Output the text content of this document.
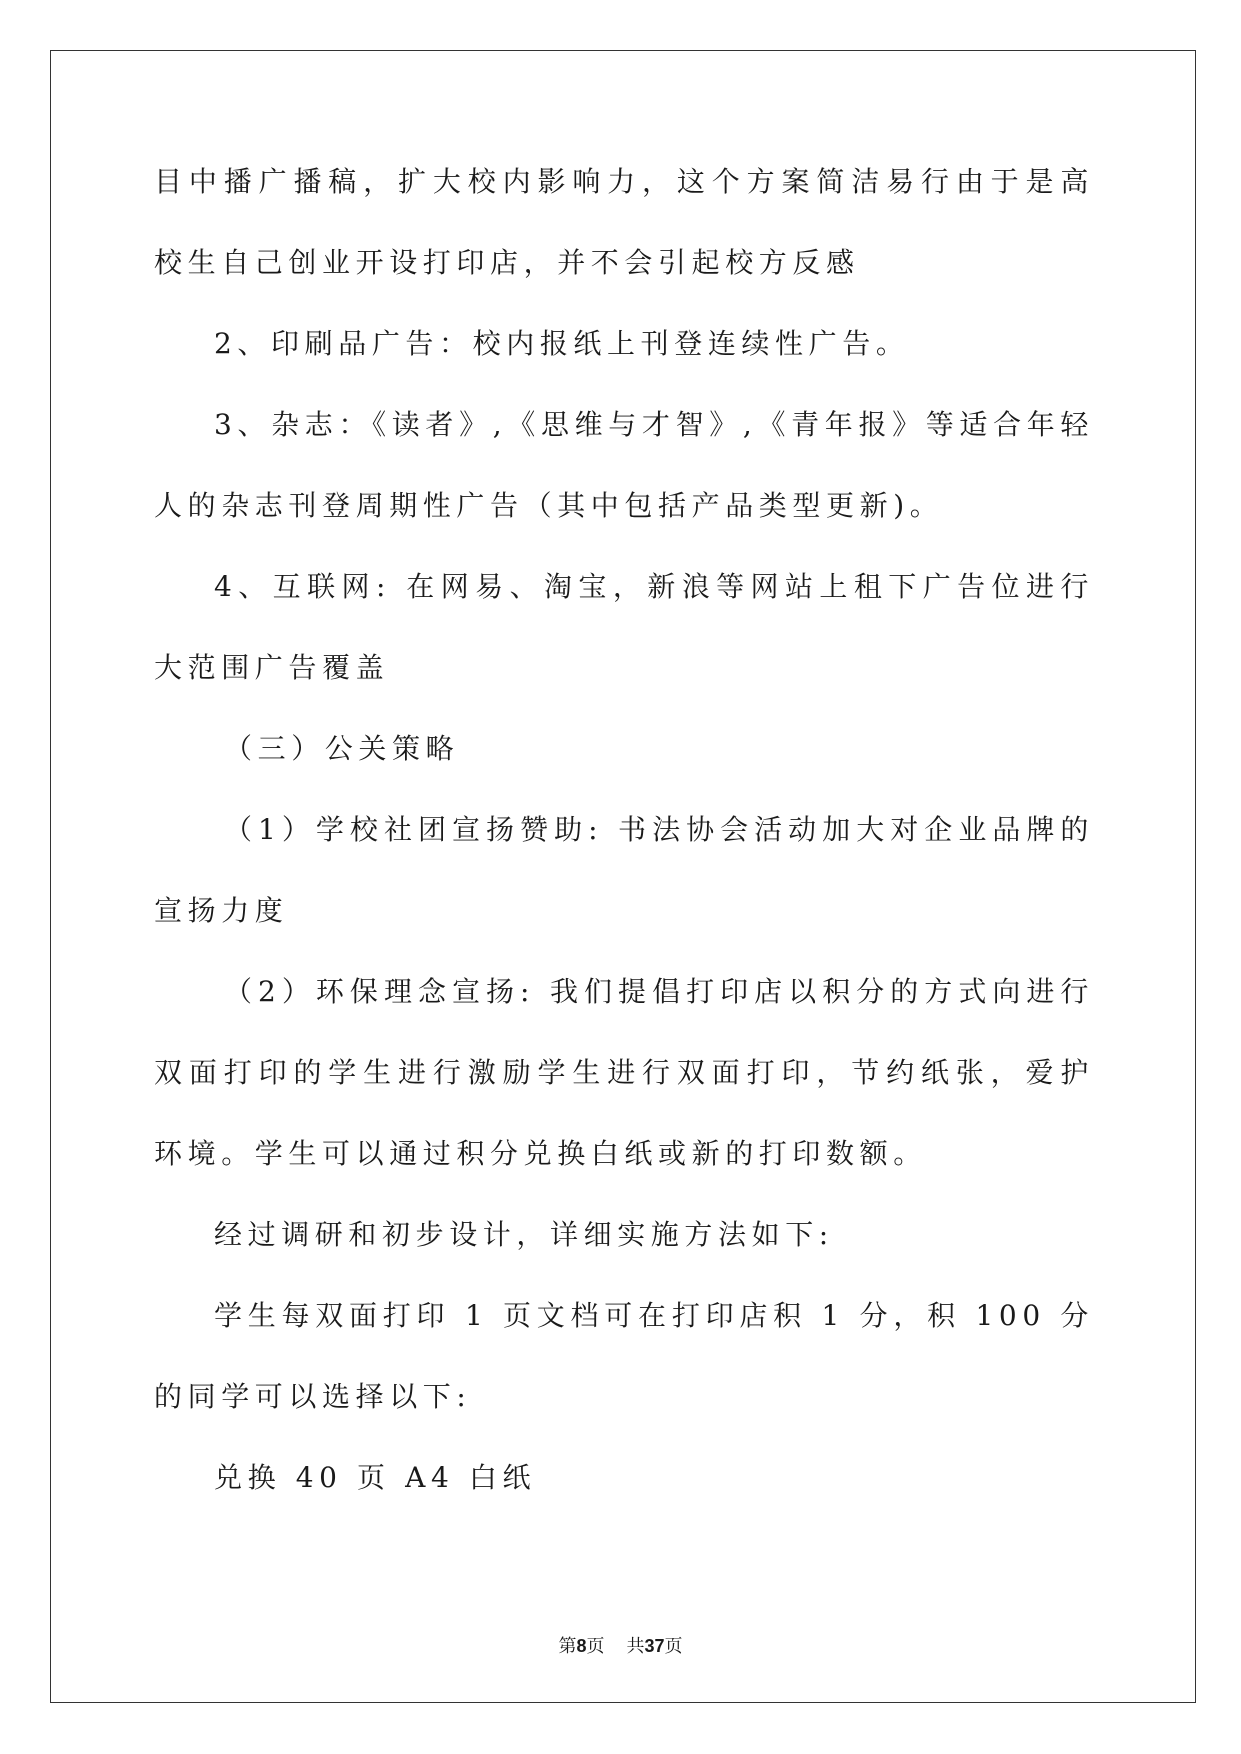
目中播广播稿，扩大校内影响力，这个方案简洁易行由于是高校生自己创业开设打印店，并不会引起校方反感

2、印刷品广告：校内报纸上刊登连续性广告。

3、杂志：《读者》,《思维与才智》,《青年报》等适合年轻人的杂志刊登周期性广告（其中包括产品类型更新)。

4、互联网: 在网易、淘宝，新浪等网站上租下广告位进行大范围广告覆盖

（三）公关策略

（1）学校社团宣扬赞助: 书法协会活动加大对企业品牌的宣扬力度

（2）环保理念宣扬: 我们提倡打印店以积分的方式向进行双面打印的学生进行激励学生进行双面打印，节约纸张，爱护环境。学生可以通过积分兑换白纸或新的打印数额。

经过调研和初步设计，详细实施方法如下:

学生每双面打印 1 页文档可在打印店积 1 分，积 100 分的同学可以选择以下:

兑换 40 页 A4 白纸

第8页 共37页
